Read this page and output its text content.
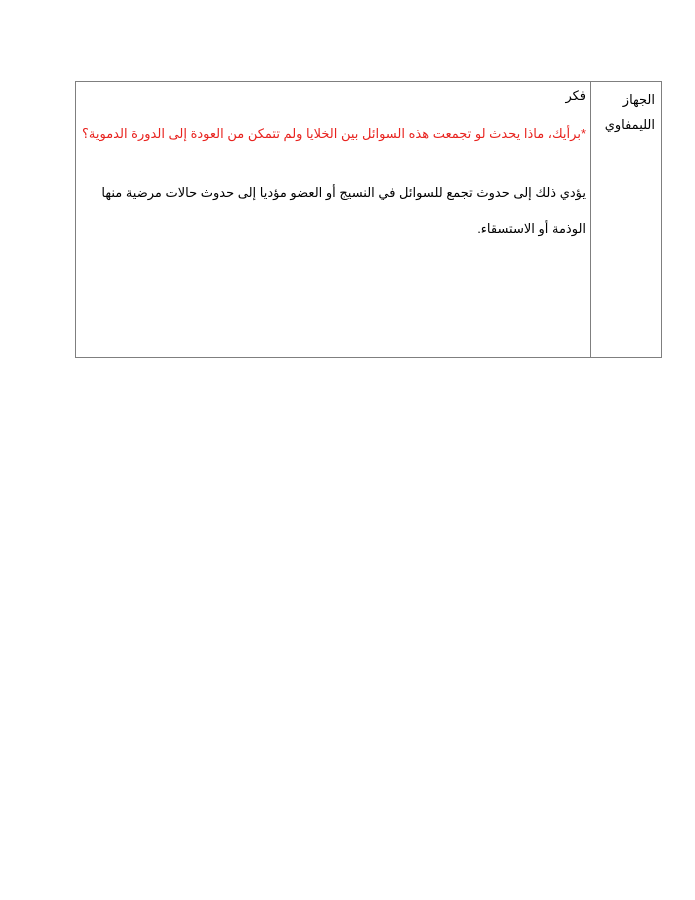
الجهاز
الليمفاوي
فكر
*برأيك، ماذا يحدث لو تجمعت هذه السوائل بين الخلايا ولم تتمكن من العودة إلى الدورة الدموية؟
يؤدي ذلك إلى حدوث تجمع للسوائل في النسيج أو العضو مؤديا إلى حدوث حالات مرضية منها
الوذمة أو الاستسقاء.
